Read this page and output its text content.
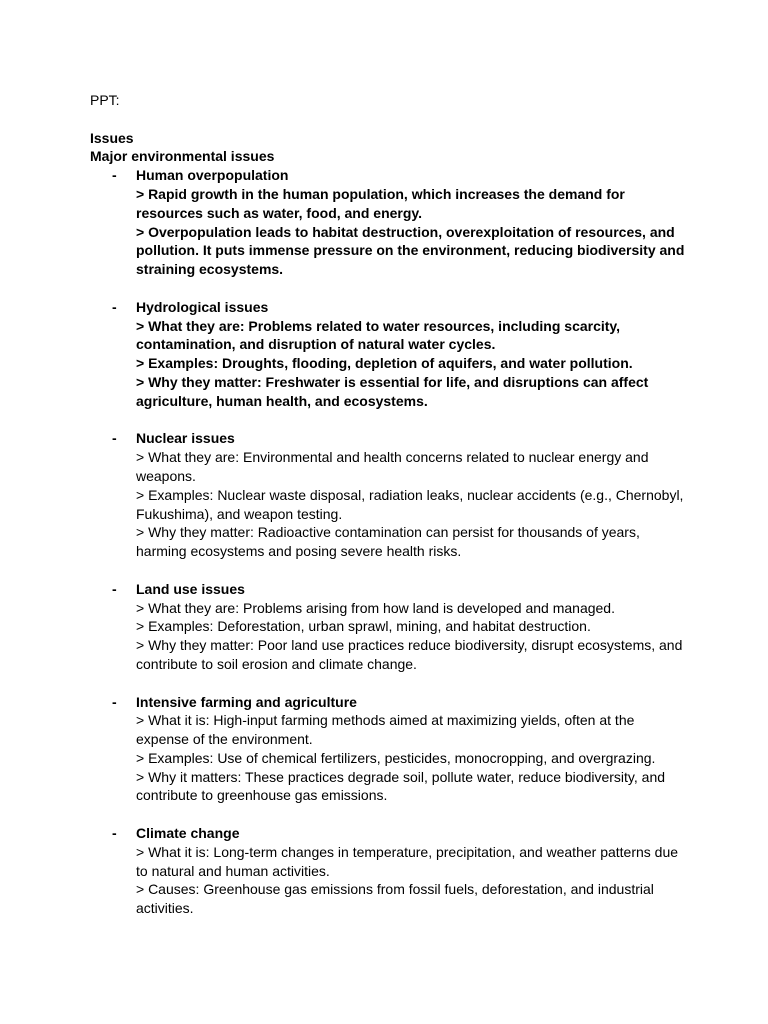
PPT:
Issues
Major environmental issues
- Human overpopulation
> Rapid growth in the human population, which increases the demand for resources such as water, food, and energy.
> Overpopulation leads to habitat destruction, overexploitation of resources, and pollution. It puts immense pressure on the environment, reducing biodiversity and straining ecosystems.
- Hydrological issues
> What they are: Problems related to water resources, including scarcity, contamination, and disruption of natural water cycles.
> Examples: Droughts, flooding, depletion of aquifers, and water pollution.
> Why they matter: Freshwater is essential for life, and disruptions can affect agriculture, human health, and ecosystems.
- Nuclear issues
> What they are: Environmental and health concerns related to nuclear energy and weapons.
> Examples: Nuclear waste disposal, radiation leaks, nuclear accidents (e.g., Chernobyl, Fukushima), and weapon testing.
> Why they matter: Radioactive contamination can persist for thousands of years, harming ecosystems and posing severe health risks.
- Land use issues
> What they are: Problems arising from how land is developed and managed.
> Examples: Deforestation, urban sprawl, mining, and habitat destruction.
> Why they matter: Poor land use practices reduce biodiversity, disrupt ecosystems, and contribute to soil erosion and climate change.
- Intensive farming and agriculture
> What it is: High-input farming methods aimed at maximizing yields, often at the expense of the environment.
> Examples: Use of chemical fertilizers, pesticides, monocropping, and overgrazing.
> Why it matters: These practices degrade soil, pollute water, reduce biodiversity, and contribute to greenhouse gas emissions.
- Climate change
> What it is: Long-term changes in temperature, precipitation, and weather patterns due to natural and human activities.
> Causes: Greenhouse gas emissions from fossil fuels, deforestation, and industrial activities.
